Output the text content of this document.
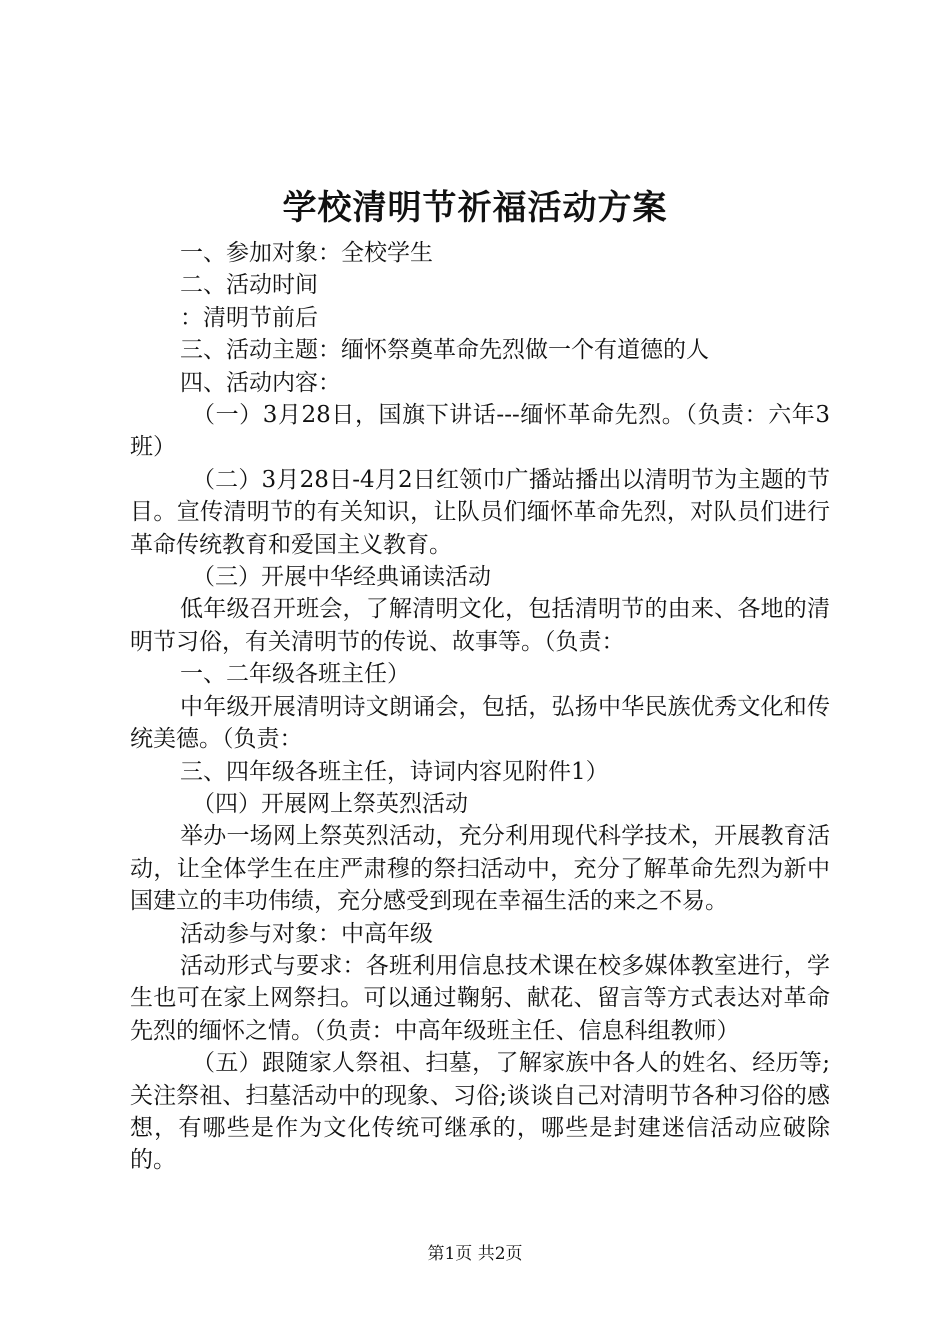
学校清明节祈福活动方案

一、参加对象：全校学生

二、活动时间

：清明节前后

三、活动主题：缅怀祭奠革命先烈做一个有道德的人

四、活动内容：

（一）3月28日，国旗下讲话---缅怀革命先烈。（负责：六年3班）

（二）3月28日-4月2日红领巾广播站播出以清明节为主题的节目。宣传清明节的有关知识，让队员们缅怀革命先烈，对队员们进行革命传统教育和爱国主义教育。

（三）开展中华经典诵读活动

低年级召开班会，了解清明文化，包括清明节的由来、各地的清明节习俗，有关清明节的传说、故事等。（负责：

一、二年级各班主任）

中年级开展清明诗文朗诵会，包括，弘扬中华民族优秀文化和传统美德。（负责：

三、四年级各班主任，诗词内容见附件1）

（四）开展网上祭英烈活动

举办一场网上祭英烈活动，充分利用现代科学技术，开展教育活动，让全体学生在庄严肃穆的祭扫活动中，充分了解革命先烈为新中国建立的丰功伟绩，充分感受到现在幸福生活的来之不易。

活动参与对象：中高年级

活动形式与要求：各班利用信息技术课在校多媒体教室进行，学生也可在家上网祭扫。可以通过鞠躬、献花、留言等方式表达对革命先烈的缅怀之情。（负责：中高年级班主任、信息科组教师）

（五）跟随家人祭祖、扫墓，了解家族中各人的姓名、经历等;关注祭祖、扫墓活动中的现象、习俗;谈谈自己对清明节各种习俗的感想，有哪些是作为文化传统可继承的，哪些是封建迷信活动应破除的。

第1页 共2页
